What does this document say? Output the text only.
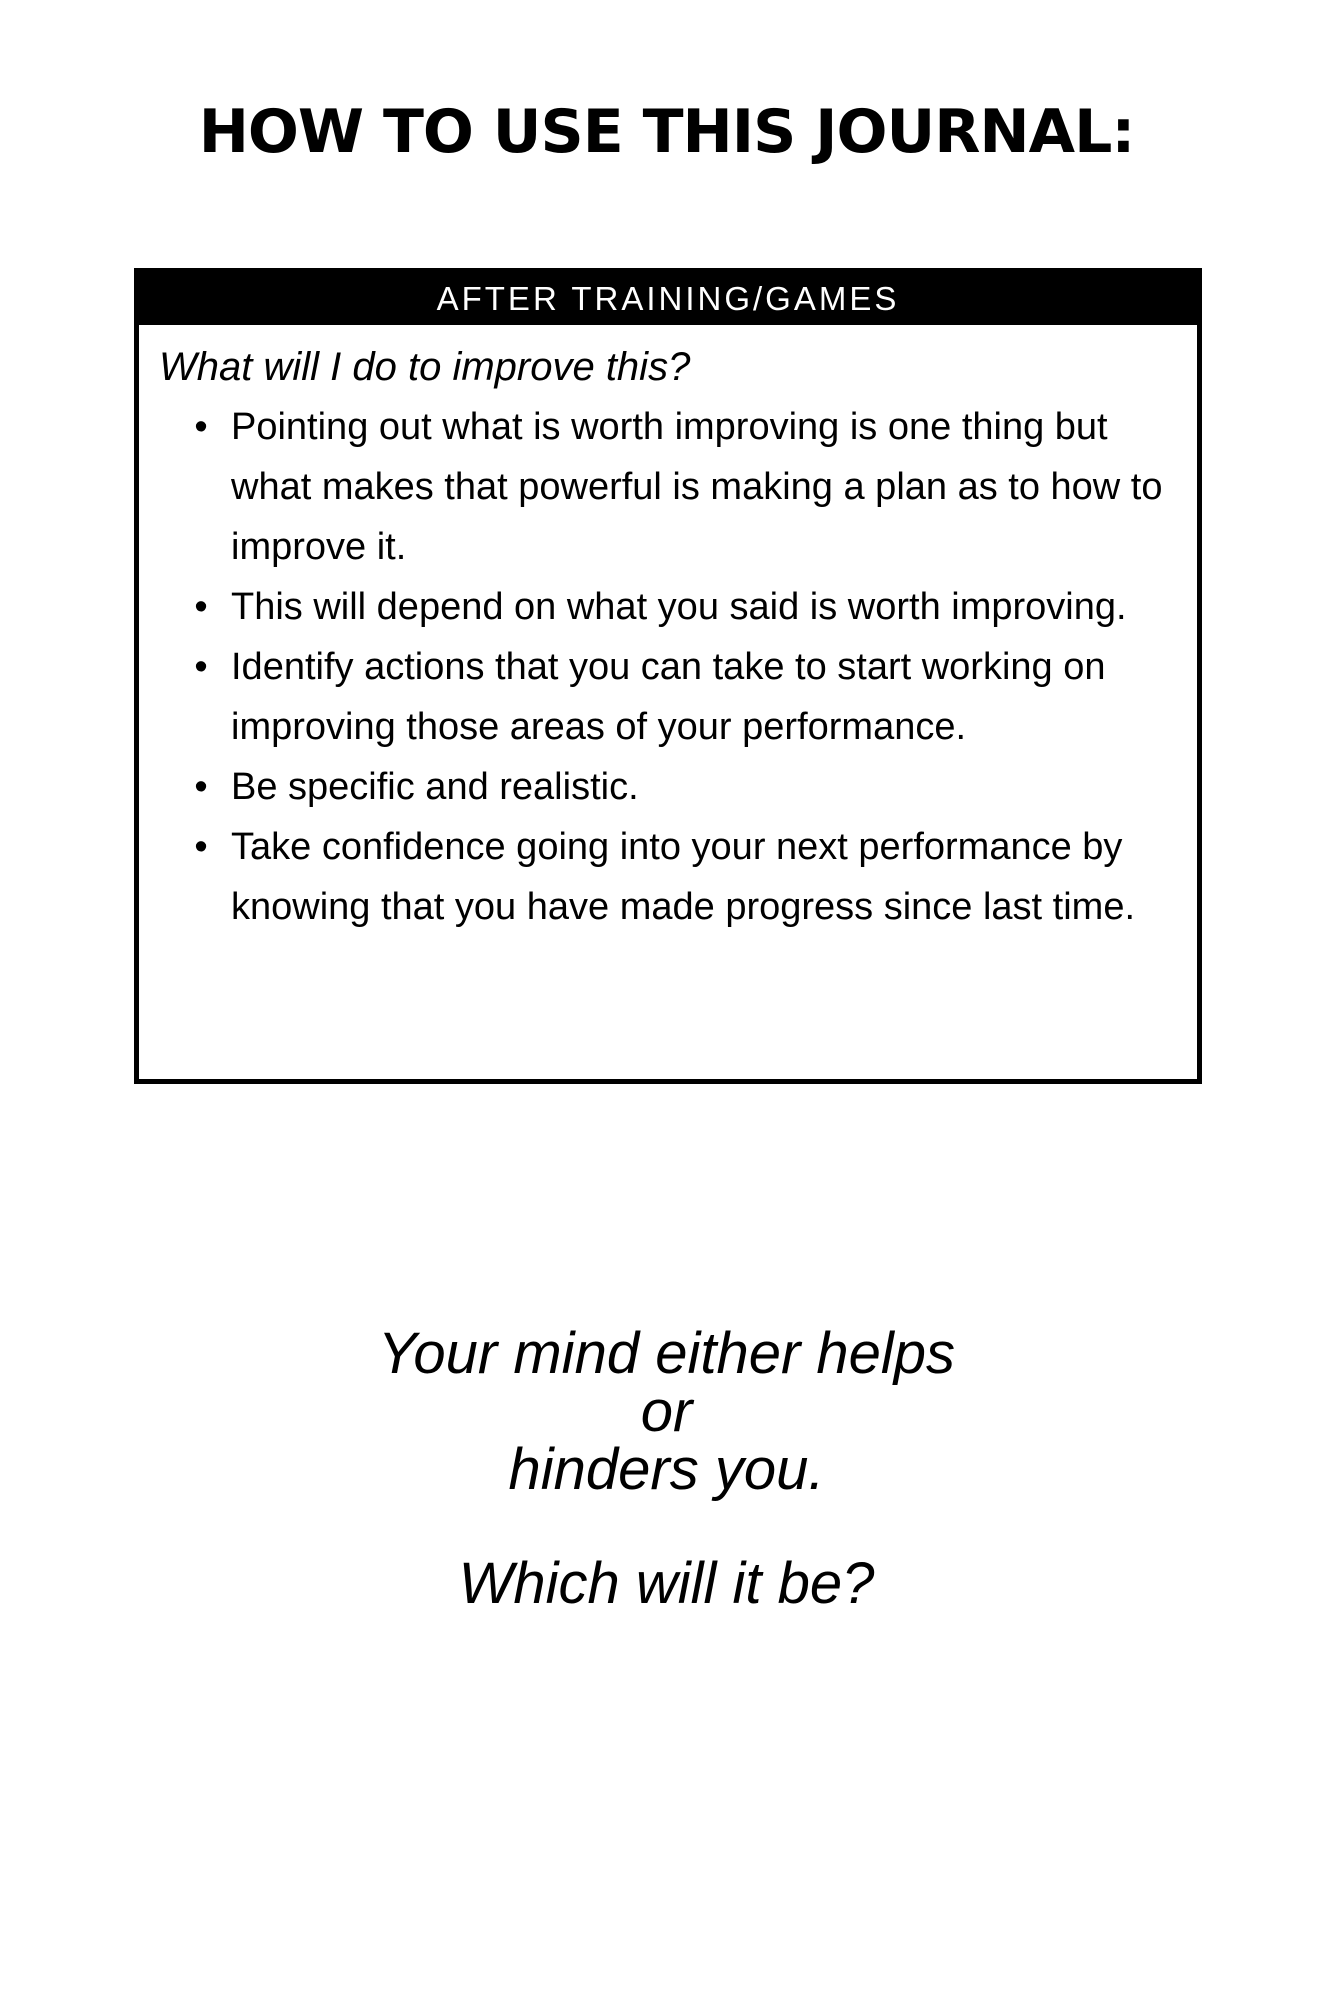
HOW TO USE THIS JOURNAL:
AFTER TRAINING/GAMES

What will I do to improve this?

• Pointing out what is worth improving is one thing but what makes that powerful is making a plan as to how to improve it.
• This will depend on what you said is worth improving.
• Identify actions that you can take to start working on improving those areas of your performance.
• Be specific and realistic.
• Take confidence going into your next performance by knowing that you have made progress since last time.

Your mind either helps

or

hinders you.

Which will it be?
